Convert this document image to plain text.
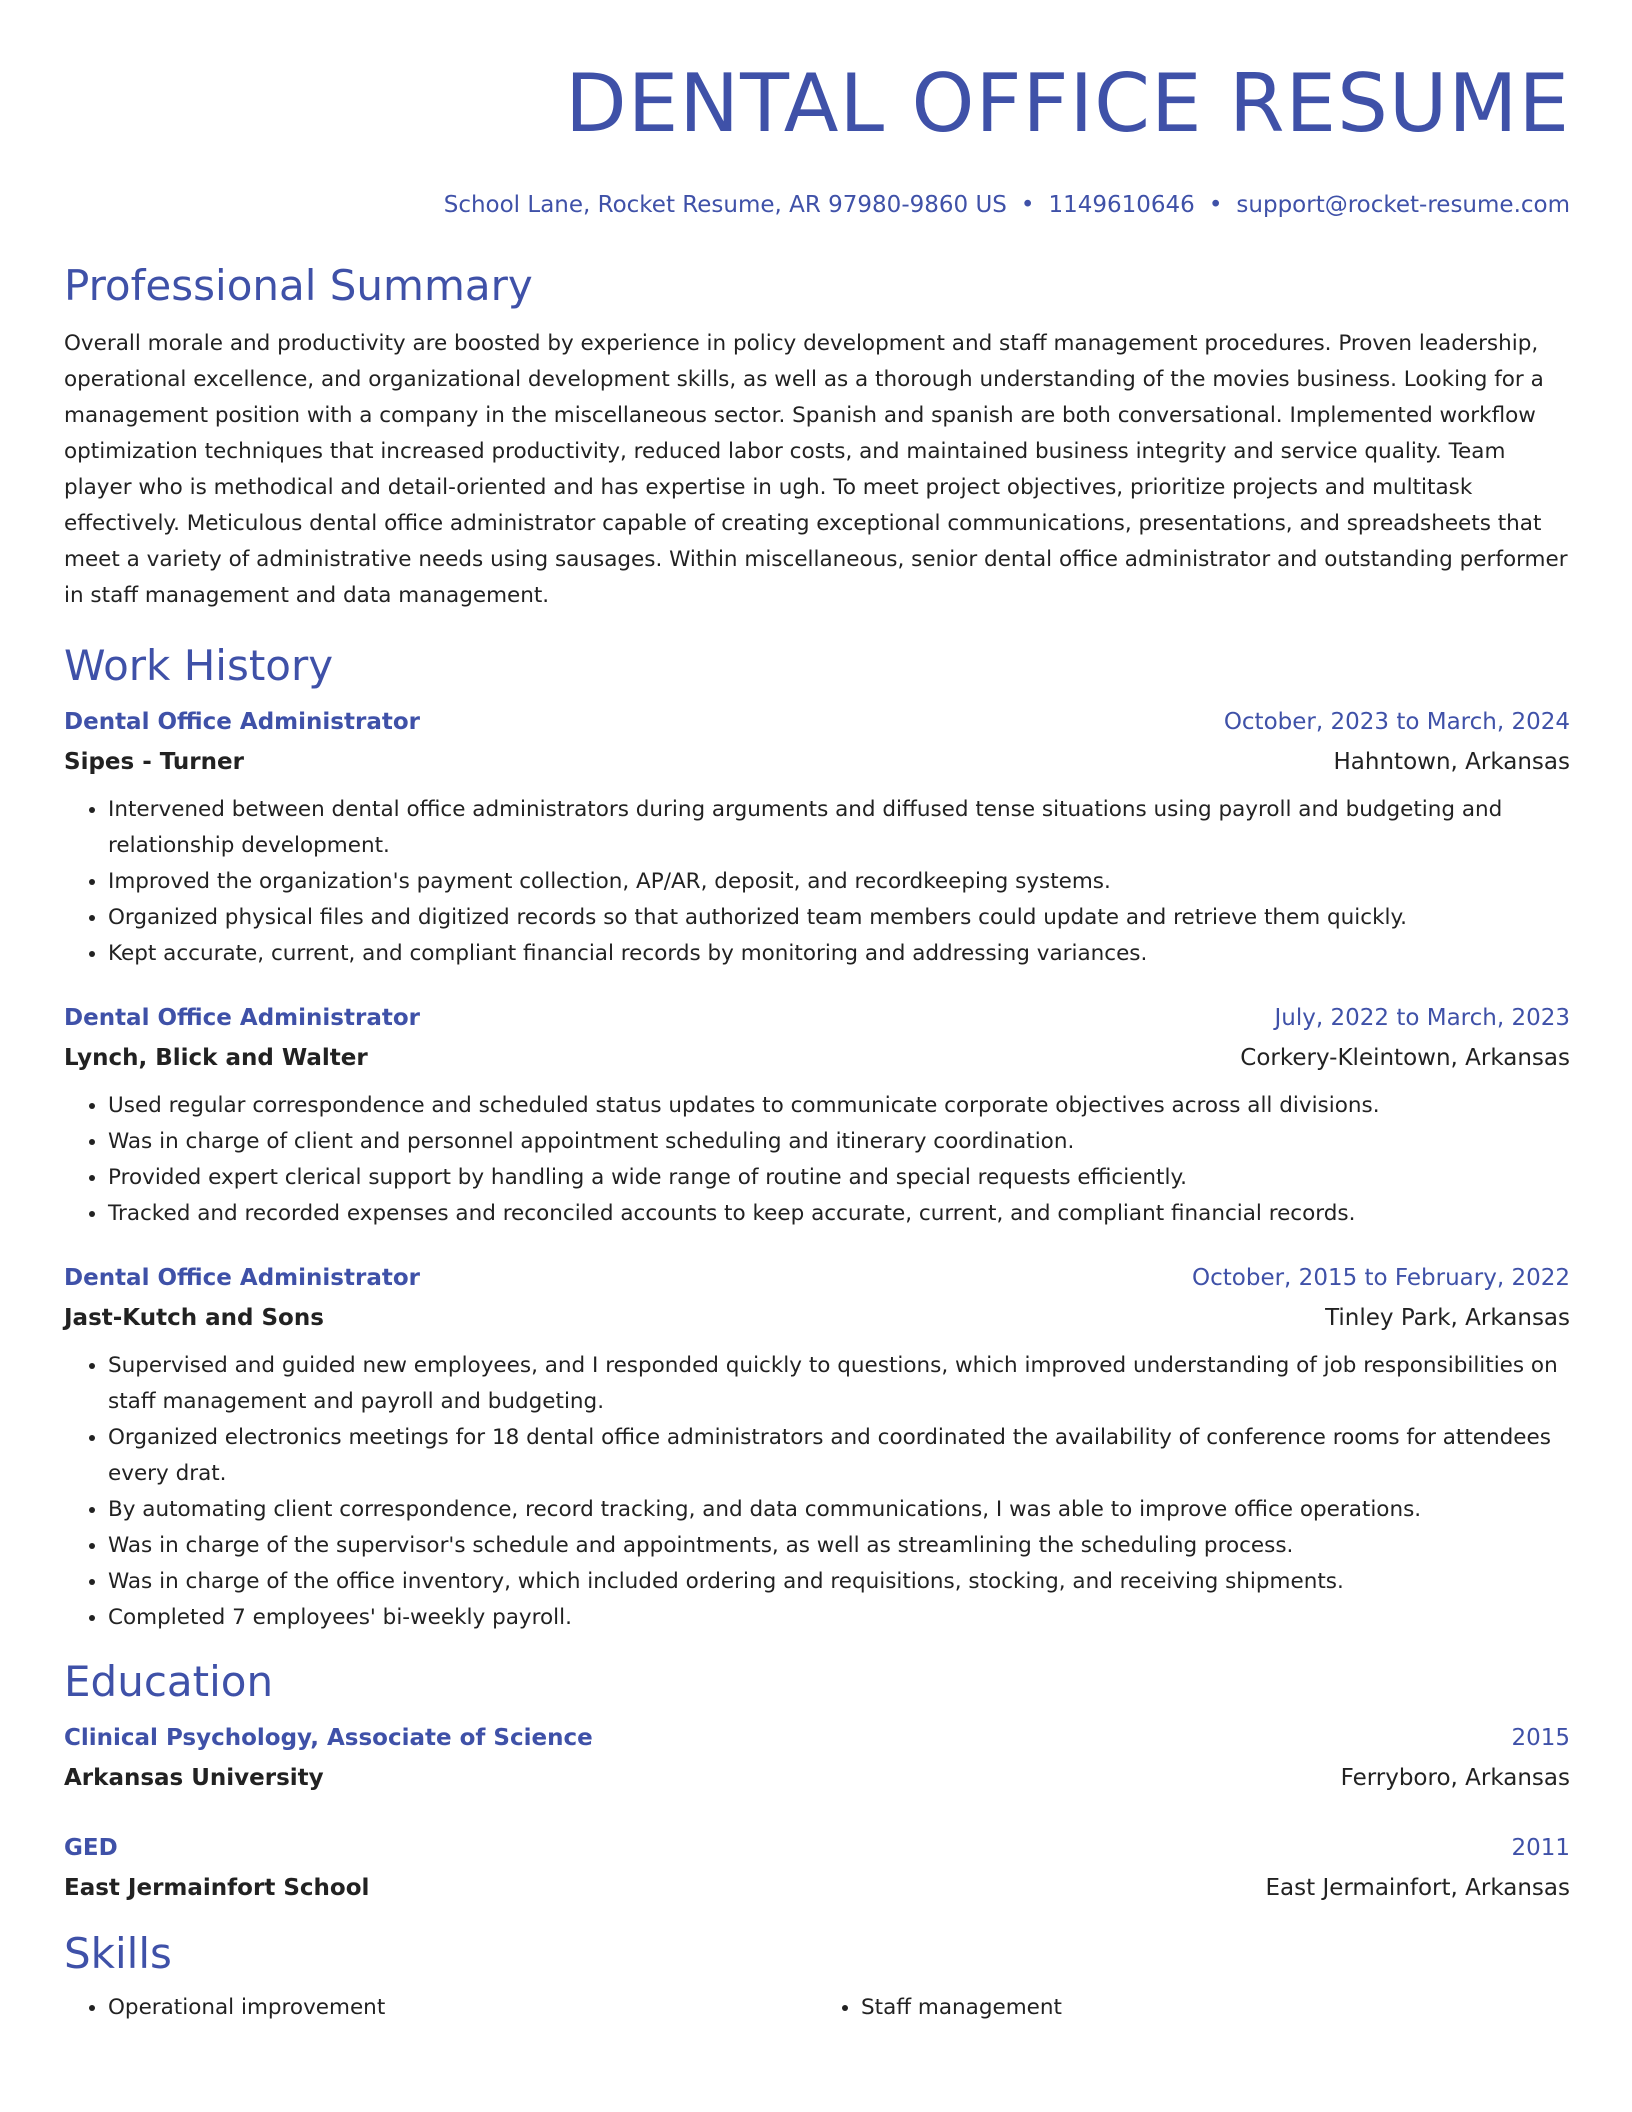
DENTAL OFFICE RESUME
School Lane, Rocket Resume, AR 97980-9860 US • 1149610646 • support@rocket-resume.com
Professional Summary
Overall morale and productivity are boosted by experience in policy development and staff management procedures. Proven leadership, operational excellence, and organizational development skills, as well as a thorough understanding of the movies business. Looking for a management position with a company in the miscellaneous sector. Spanish and spanish are both conversational. Implemented workflow optimization techniques that increased productivity, reduced labor costs, and maintained business integrity and service quality. Team player who is methodical and detail-oriented and has expertise in ugh. To meet project objectives, prioritize projects and multitask effectively. Meticulous dental office administrator capable of creating exceptional communications, presentations, and spreadsheets that meet a variety of administrative needs using sausages. Within miscellaneous, senior dental office administrator and outstanding performer in staff management and data management.
Work History
Dental Office Administrator	October, 2023 to March, 2024
Sipes - Turner	Hahntown, Arkansas
• Intervened between dental office administrators during arguments and diffused tense situations using payroll and budgeting and relationship development.
• Improved the organization's payment collection, AP/AR, deposit, and recordkeeping systems.
• Organized physical files and digitized records so that authorized team members could update and retrieve them quickly.
• Kept accurate, current, and compliant financial records by monitoring and addressing variances.
Dental Office Administrator	July, 2022 to March, 2023
Lynch, Blick and Walter	Corkery-Kleintown, Arkansas
• Used regular correspondence and scheduled status updates to communicate corporate objectives across all divisions.
• Was in charge of client and personnel appointment scheduling and itinerary coordination.
• Provided expert clerical support by handling a wide range of routine and special requests efficiently.
• Tracked and recorded expenses and reconciled accounts to keep accurate, current, and compliant financial records.
Dental Office Administrator	October, 2015 to February, 2022
Jast-Kutch and Sons	Tinley Park, Arkansas
• Supervised and guided new employees, and I responded quickly to questions, which improved understanding of job responsibilities on staff management and payroll and budgeting.
• Organized electronics meetings for 18 dental office administrators and coordinated the availability of conference rooms for attendees every drat.
• By automating client correspondence, record tracking, and data communications, I was able to improve office operations.
• Was in charge of the supervisor's schedule and appointments, as well as streamlining the scheduling process.
• Was in charge of the office inventory, which included ordering and requisitions, stocking, and receiving shipments.
• Completed 7 employees' bi-weekly payroll.
Education
Clinical Psychology, Associate of Science	2015
Arkansas University	Ferryboro, Arkansas
GED	2011
East Jermainfort School	East Jermainfort, Arkansas
Skills
• Operational improvement
•	Staff management
